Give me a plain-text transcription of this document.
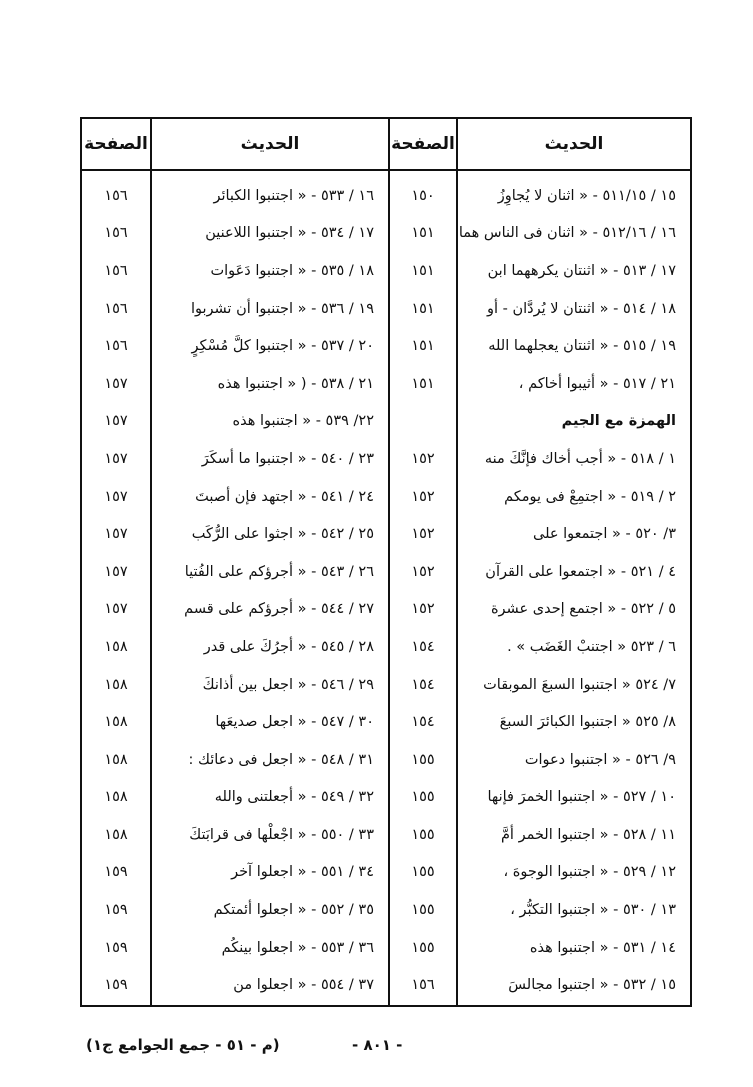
الحديث
الصفحة
الحديث
الصفحة
١٥ / ٥١١/١٥ - « اثنان لا يُجاوِزُ
١٦ / ٥١٢/١٦ - « اثنان فى الناس هما
١٧ / ٥١٣ - « اثنتان يكرههما ابن
١٨ / ٥١٤ - « اثنتان لا يُردَّان - أو
١٩ / ٥١٥ - « اثنتان يعجلهما الله
٢١ / ٥١٧ - « أثيبوا أخاكم ،
الهمزة مع الجيم
١ / ٥١٨ - « أجب أخاك فإنَّكَ منه
٢ / ٥١٩ - « اجتمِعْ فى يومكم
٣/ ٥٢٠ - « اجتمعوا على
٤ / ٥٢١ - « اجتمعوا على القرآن
٥ / ٥٢٢ - « اجتمع إحدى عشرة
٦ / ٥٢٣ « اجتنبْ الغَضَب » .
٧/ ٥٢٤ « اجتنبوا السبعَ الموبقات
٨/ ٥٢٥ « اجتنبوا الكبائرَ السبعَ
٩/ ٥٢٦ - « اجتنبوا دعوات
١٠ / ٥٢٧ - « اجتنبوا الخمرَ فإنها
١١ / ٥٢٨ - « اجتنبوا الخمر أمَّ
١٢ / ٥٢٩ - « اجتنبوا الوجوهَ ،
١٣ / ٥٣٠ - « اجتنبوا التكبُّر ،
١٤ / ٥٣١ - « اجتنبوا هذه
١٥ / ٥٣٢ - « اجتنبوا مجالسَ
١٥٠
١٥١
١٥١
١٥١
١٥١
١٥١
١٥٢
١٥٢
١٥٢
١٥٢
١٥٢
١٥٤
١٥٤
١٥٤
١٥٥
١٥٥
١٥٥
١٥٥
١٥٥
١٥٥
١٥٦
١٦ / ٥٣٣ - « اجتنبوا الكبائر
١٧ / ٥٣٤ - « اجتنبوا اللاعنين
١٨ / ٥٣٥ - « اجتنبوا دَعَوات
١٩ / ٥٣٦ - « اجتنبوا أن تشربوا
٢٠ / ٥٣٧ - « اجتنبوا كلَّ مُسْكِرٍ
٢١ / ٥٣٨ - ( « اجتنبوا هذه
٢٢/ ٥٣٩ - « اجتنبوا هذه
٢٣ / ٥٤٠ - « اجتنبوا ما أسكَرَ
٢٤ / ٥٤١ - « اجتهد فإن أصبتَ
٢٥ / ٥٤٢ - « اجثوا على الرُّكَب
٢٦ / ٥٤٣ - « أجرؤكم على الفُتيا
٢٧ / ٥٤٤ - « أجرؤكم على قسم
٢٨ / ٥٤٥ - « أجرُكَ على قدر
٢٩ / ٥٤٦ - « اجعل بين أذانكَ
٣٠ / ٥٤٧ - « اجعل صديعَها
٣١ / ٥٤٨ - « اجعل فى دعائك :
٣٢ / ٥٤٩ - « أجعلتنى والله
٣٣ / ٥٥٠ - « اجْعلْها فى قرابَتكَ
٣٤ / ٥٥١ - « اجعلوا آخر
٣٥ / ٥٥٢ - « اجعلوا أئمتكم
٣٦ / ٥٥٣ - « اجعلوا بينكُم
٣٧ / ٥٥٤ - « اجعلوا من
١٥٦
١٥٦
١٥٦
١٥٦
١٥٦
١٥٧
١٥٧
١٥٧
١٥٧
١٥٧
١٥٧
١٥٧
١٥٨
١٥٨
١٥٨
١٥٨
١٥٨
١٥٨
١٥٩
١٥٩
١٥٩
١٥٩
- ٨٠١ -
(م - ٥١ - جمع الجوامع ج١)
